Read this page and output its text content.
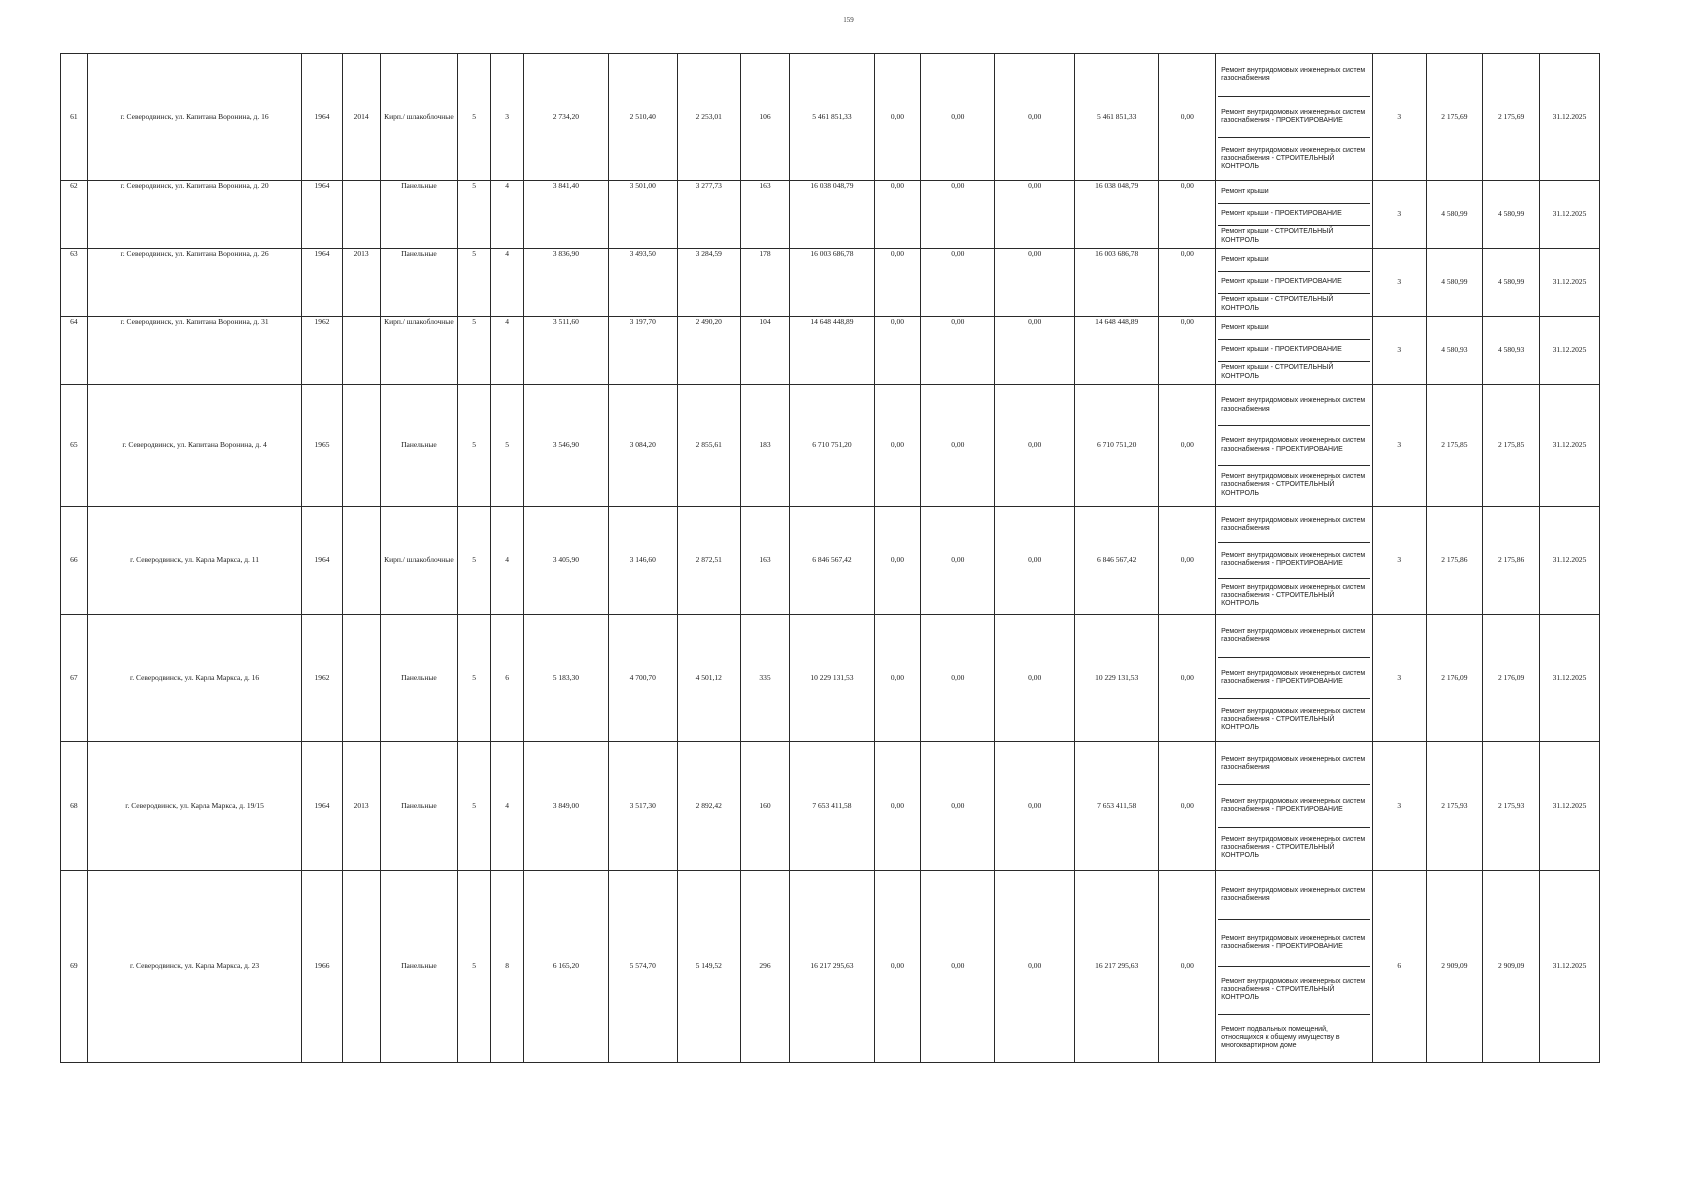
159
61	г. Северодвинск, ул. Капитана Воронина, д. 16	1964	2014	Кирп./ шлакоблочные	5	3	2 734,20	2 510,40	2 253,01	106	5 461 851,33	0,00	0,00	0,00	5 461 851,33	0,00	Ремонт внутридомовых инженерных систем газоснабжения
Ремонт внутридомовых инженерных систем газоснабжения - ПРОЕКТИРОВАНИЕ
Ремонт внутридомовых инженерных систем газоснабжения - СТРОИТЕЛЬНЫЙ КОНТРОЛЬ	3	2 175,69	2 175,69	31.12.2025
62	г. Северодвинск, ул. Капитана Воронина, д. 20	1964		Панельные	5	4	3 841,40	3 501,00	3 277,73	163	16 038 048,79	0,00	0,00	0,00	16 038 048,79	0,00	Ремонт крыши
Ремонт крыши - ПРОЕКТИРОВАНИЕ
Ремонт крыши - СТРОИТЕЛЬНЫЙ КОНТРОЛЬ	3	4 580,99	4 580,99	31.12.2025
63	г. Северодвинск, ул. Капитана Воронина, д. 26	1964	2013	Панельные	5	4	3 836,90	3 493,50	3 284,59	178	16 003 686,78	0,00	0,00	0,00	16 003 686,78	0,00	Ремонт крыши
Ремонт крыши - ПРОЕКТИРОВАНИЕ
Ремонт крыши - СТРОИТЕЛЬНЫЙ КОНТРОЛЬ	3	4 580,99	4 580,99	31.12.2025
64	г. Северодвинск, ул. Капитана Воронина, д. 31	1962		Кирп./ шлакоблочные	5	4	3 511,60	3 197,70	2 490,20	104	14 648 448,89	0,00	0,00	0,00	14 648 448,89	0,00	Ремонт крыши
Ремонт крыши - ПРОЕКТИРОВАНИЕ
Ремонт крыши - СТРОИТЕЛЬНЫЙ КОНТРОЛЬ	3	4 580,93	4 580,93	31.12.2025
65	г. Северодвинск, ул. Капитана Воронина, д. 4	1965		Панельные	5	5	3 546,90	3 084,20	2 855,61	183	6 710 751,20	0,00	0,00	0,00	6 710 751,20	0,00	Ремонт внутридомовых инженерных систем газоснабжения
Ремонт внутридомовых инженерных систем газоснабжения - ПРОЕКТИРОВАНИЕ
Ремонт внутридомовых инженерных систем газоснабжения - СТРОИТЕЛЬНЫЙ КОНТРОЛЬ	3	2 175,85	2 175,85	31.12.2025
66	г. Северодвинск, ул. Карла Маркса, д. 11	1964		Кирп./ шлакоблочные	5	4	3 405,90	3 146,60	2 872,51	163	6 846 567,42	0,00	0,00	0,00	6 846 567,42	0,00	Ремонт внутридомовых инженерных систем газоснабжения
Ремонт внутридомовых инженерных систем газоснабжения - ПРОЕКТИРОВАНИЕ
Ремонт внутридомовых инженерных систем газоснабжения - СТРОИТЕЛЬНЫЙ КОНТРОЛЬ	3	2 175,86	2 175,86	31.12.2025
67	г. Северодвинск, ул. Карла Маркса, д. 16	1962		Панельные	5	6	5 183,30	4 700,70	4 501,12	335	10 229 131,53	0,00	0,00	0,00	10 229 131,53	0,00	Ремонт внутридомовых инженерных систем газоснабжения
Ремонт внутридомовых инженерных систем газоснабжения - ПРОЕКТИРОВАНИЕ
Ремонт внутридомовых инженерных систем газоснабжения - СТРОИТЕЛЬНЫЙ КОНТРОЛЬ	3	2 176,09	2 176,09	31.12.2025
68	г. Северодвинск, ул. Карла Маркса, д. 19/15	1964	2013	Панельные	5	4	3 849,00	3 517,30	2 892,42	160	7 653 411,58	0,00	0,00	0,00	7 653 411,58	0,00	Ремонт внутридомовых инженерных систем газоснабжения
Ремонт внутридомовых инженерных систем газоснабжения - ПРОЕКТИРОВАНИЕ
Ремонт внутридомовых инженерных систем газоснабжения - СТРОИТЕЛЬНЫЙ КОНТРОЛЬ	3	2 175,93	2 175,93	31.12.2025
69	г. Северодвинск, ул. Карла Маркса, д. 23	1966		Панельные	5	8	6 165,20	5 574,70	5 149,52	296	16 217 295,63	0,00	0,00	0,00	16 217 295,63	0,00	Ремонт внутридомовых инженерных систем газоснабжения
Ремонт внутридомовых инженерных систем газоснабжения - ПРОЕКТИРОВАНИЕ
Ремонт внутридомовых инженерных систем газоснабжения - СТРОИТЕЛЬНЫЙ КОНТРОЛЬ
Ремонт подвальных помещений, относящихся к общему имуществу в многоквартирном доме	6	2 909,09	2 909,09	31.12.2025
